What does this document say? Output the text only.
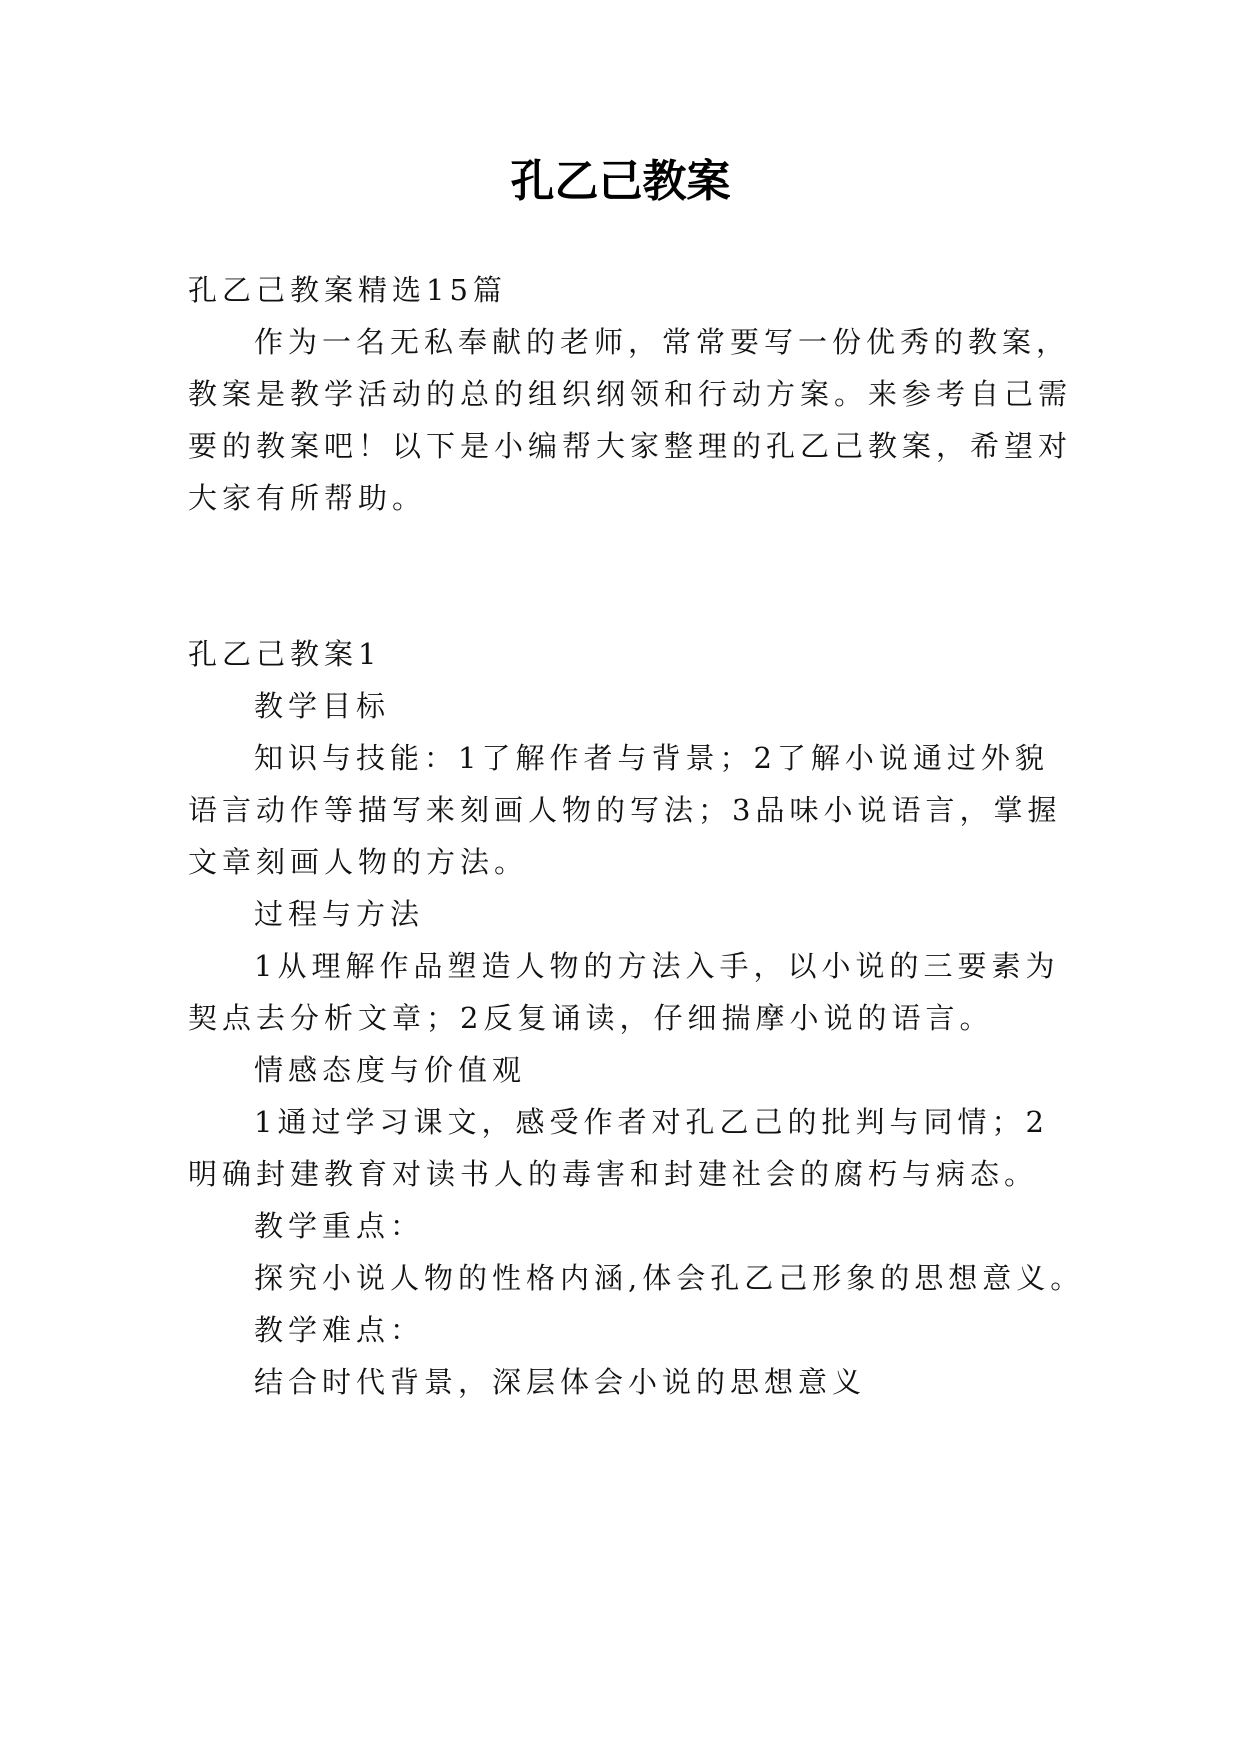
孔乙己教案
孔乙己教案精选15篇
作为一名无私奉献的老师，常常要写一份优秀的教案，
教案是教学活动的总的组织纲领和行动方案。来参考自己需
要的教案吧！以下是小编帮大家整理的孔乙己教案，希望对
大家有所帮助。
孔乙己教案1
教学目标
知识与技能：1了解作者与背景；2了解小说通过外貌
语言动作等描写来刻画人物的写法；3品味小说语言，掌握
文章刻画人物的方法。
过程与方法
1从理解作品塑造人物的方法入手，以小说的三要素为
契点去分析文章；2反复诵读，仔细揣摩小说的语言。
情感态度与价值观
1通过学习课文，感受作者对孔乙己的批判与同情；2
明确封建教育对读书人的毒害和封建社会的腐朽与病态。
教学重点：
探究小说人物的性格内涵,体会孔乙己形象的思想意义。
教学难点：
结合时代背景，深层体会小说的思想意义
